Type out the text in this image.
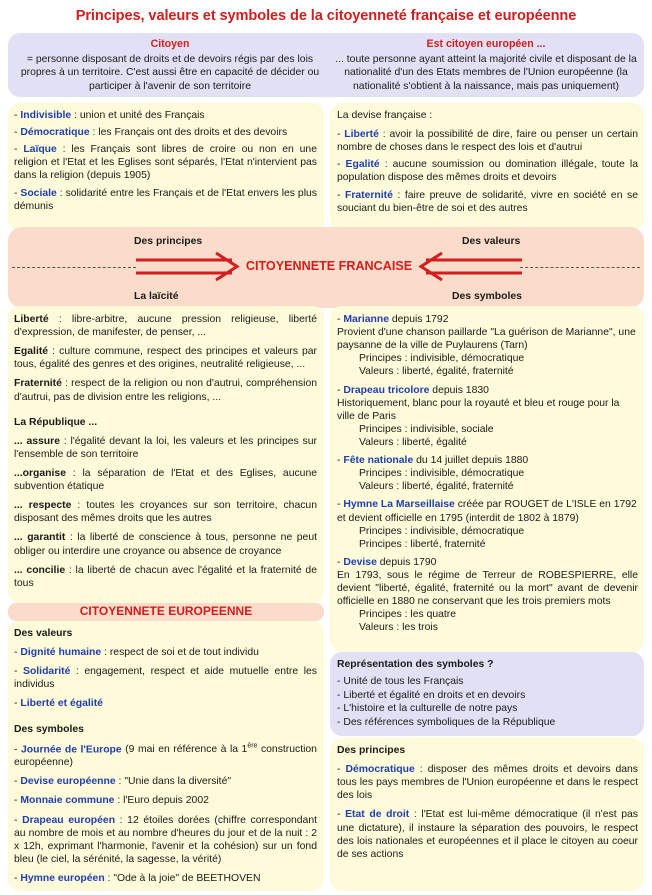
Principes, valeurs et symboles de la citoyenneté française et européenne
Citoyen
= personne disposant de droits et de devoirs régis par des lois propres à un territoire. C'est aussi être en capacité de décider ou participer à l'avenir de son territoire
Est citoyen européen ...
... toute personne ayant atteint la majorité civile et disposant de la nationalité d'un des Etats membres de l'Union européenne (la nationalité s'obtient à la naissance, mais pas uniquement)

- Indivisible : union et unité des Français

- Démocratique : les Français ont des droits et des devoirs

- Laïque : les Français sont libres de croire ou non en une religion et l'Etat et les Eglises sont séparés, l'Etat n'intervient pas dans la religion (depuis 1905)

- Sociale : solidarité entre les Français et de l'Etat envers les plus démunis

La devise française :

- Liberté : avoir la possibilité de dire, faire ou penser un certain nombre de choses dans le respect des lois et d'autrui

- Egalité : aucune soumission ou domination illégale, toute la population dispose des mêmes droits et devoirs

- Fraternité : faire preuve de solidarité, vivre en société en se souciant du bien-être de soi et des autres

Des principes	Des valeurs
La laïcité	Des symboles
CITOYENNETE FRANCAISE

Liberté : libre-arbitre, aucune pression religieuse, liberté d'expression, de manifester, de penser, ...

Egalité : culture commune, respect des principes et valeurs par tous, égalité des genres et des origines, neutralité religieuse, ...

Fraternité : respect de la religion ou non d'autrui, compréhension d'autrui, pas de division entre les religions, ...

La République ...

... assure : l'égalité devant la loi, les valeurs et les principes sur l'ensemble de son territoire

...organise : la séparation de l'Etat et des Eglises, aucune subvention étatique

... respecte : toutes les croyances sur son territoire, chacun disposant des mêmes droits que les autres

... garantit : la liberté de conscience à tous, personne ne peut obliger ou interdire une croyance ou absence de croyance

... concilie : la liberté de chacun avec l'égalité et la fraternité de tous

CITOYENNETE EUROPEENNE

Des valeurs

- Dignité humaine : respect de soi et de tout individu

- Solidarité : engagement, respect et aide mutuelle entre les individus

- Liberté et égalité

Des symboles

- Journée de l'Europe (9 mai en référence à la 1ère construction européenne)

- Devise européenne : "Unie dans la diversité"

- Monnaie commune : l'Euro depuis 2002

- Drapeau européen : 12 étoiles dorées (chiffre correspondant au nombre de mois et au nombre d'heures du jour et de la nuit : 2 x 12h, exprimant l'harmonie, l'avenir et la cohésion) sur un fond bleu (le ciel, la sérénité, la sagesse, la vérité)

- Hymne européen : "Ode à la joie" de BEETHOVEN

- Marianne depuis 1792

Provient d'une chanson paillarde "La guérison de Marianne", une paysanne de la ville de Puylaurens (Tarn)

Principes : indivisible, démocratique

Valeurs : liberté, égalité, fraternité

- Drapeau tricolore depuis 1830

Historiquement, blanc pour la royauté et bleu et rouge pour la ville de Paris

Principes : indivisible, sociale

Valeurs : liberté, égalité

- Fête nationale du 14 juillet depuis 1880

Principes : indivisible, démocratique

Valeurs : liberté, égalité, fraternité

- Hymne La Marseillaise créée par ROUGET de L'ISLE en 1792 et devient officielle en 1795 (interdit de 1802 à 1879)

Principes : indivisible, démocratique

Principes : liberté, fraternité

- Devise depuis 1790

En 1793, sous le régime de Terreur de ROBESPIERRE, elle devient "liberté, égalité, fraternité ou la mort" avant de devenir officielle en 1880 ne conservant que les trois premiers mots

Principes : les quatre

Valeurs : les trois

Représentation des symboles ?

- Unité de tous les Français
- Liberté et égalité en droits et en devoirs
- L'histoire et la culturelle de notre pays
- Des références symboliques de la République

Des principes

- Démocratique : disposer des mêmes droits et devoirs dans tous les pays membres de l'Union européenne et dans le respect des lois

- Etat de droit : l'Etat est lui-même démocratique (il n'est pas une dictature), il instaure la séparation des pouvoirs, le respect des lois nationales et européennes et il place le citoyen au coeur de ses actions
